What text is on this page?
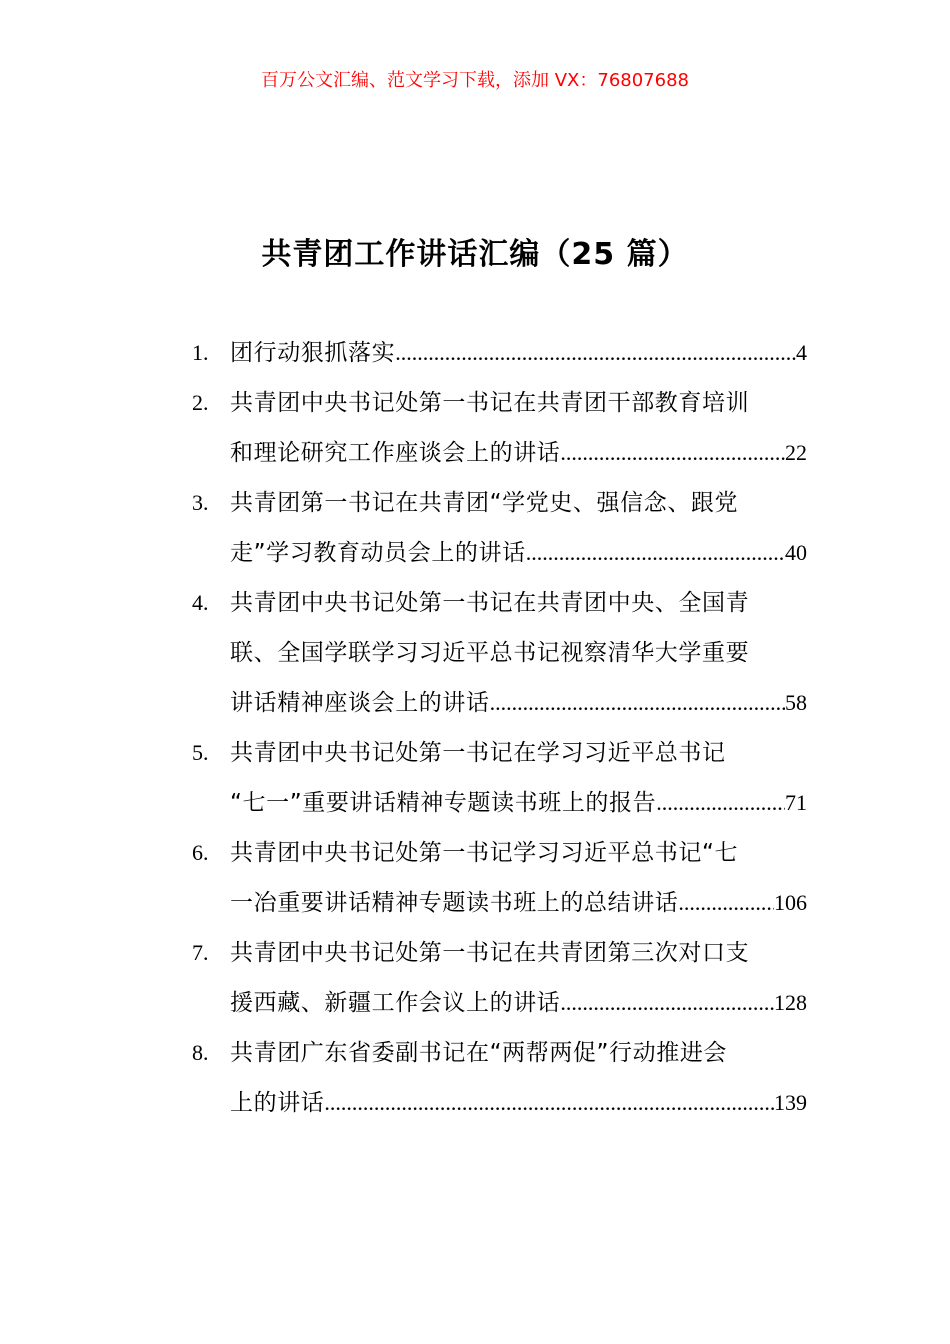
百万公文汇编、范文学习下载，添加 VX：76807688
共青团工作讲话汇编（25 篇）
1. 团行动狠抓落实 .....	4
2. 共青团中央书记处第一书记在共青团干部教育培训
和理论研究工作座谈会上的讲话 .....	22
3. 共青团第一书记在共青团“学党史、强信念、跟党
走”学习教育动员会上的讲话 .....	40
4. 共青团中央书记处第一书记在共青团中央、全国青
联、全国学联学习习近平总书记视察清华大学重要
讲话精神座谈会上的讲话 .....	58
5. 共青团中央书记处第一书记在学习习近平总书记
“七一”重要讲话精神专题读书班上的报告 .....	71
6. 共青团中央书记处第一书记学习习近平总书记“七
一冶重要讲话精神专题读书班上的总结讲话 .....	106
7. 共青团中央书记处第一书记在共青团第三次对口支
援西藏、新疆工作会议上的讲话 .....	128
8. 共青团广东省委副书记在“两帮两促”行动推进会
上的讲话 .....	139
